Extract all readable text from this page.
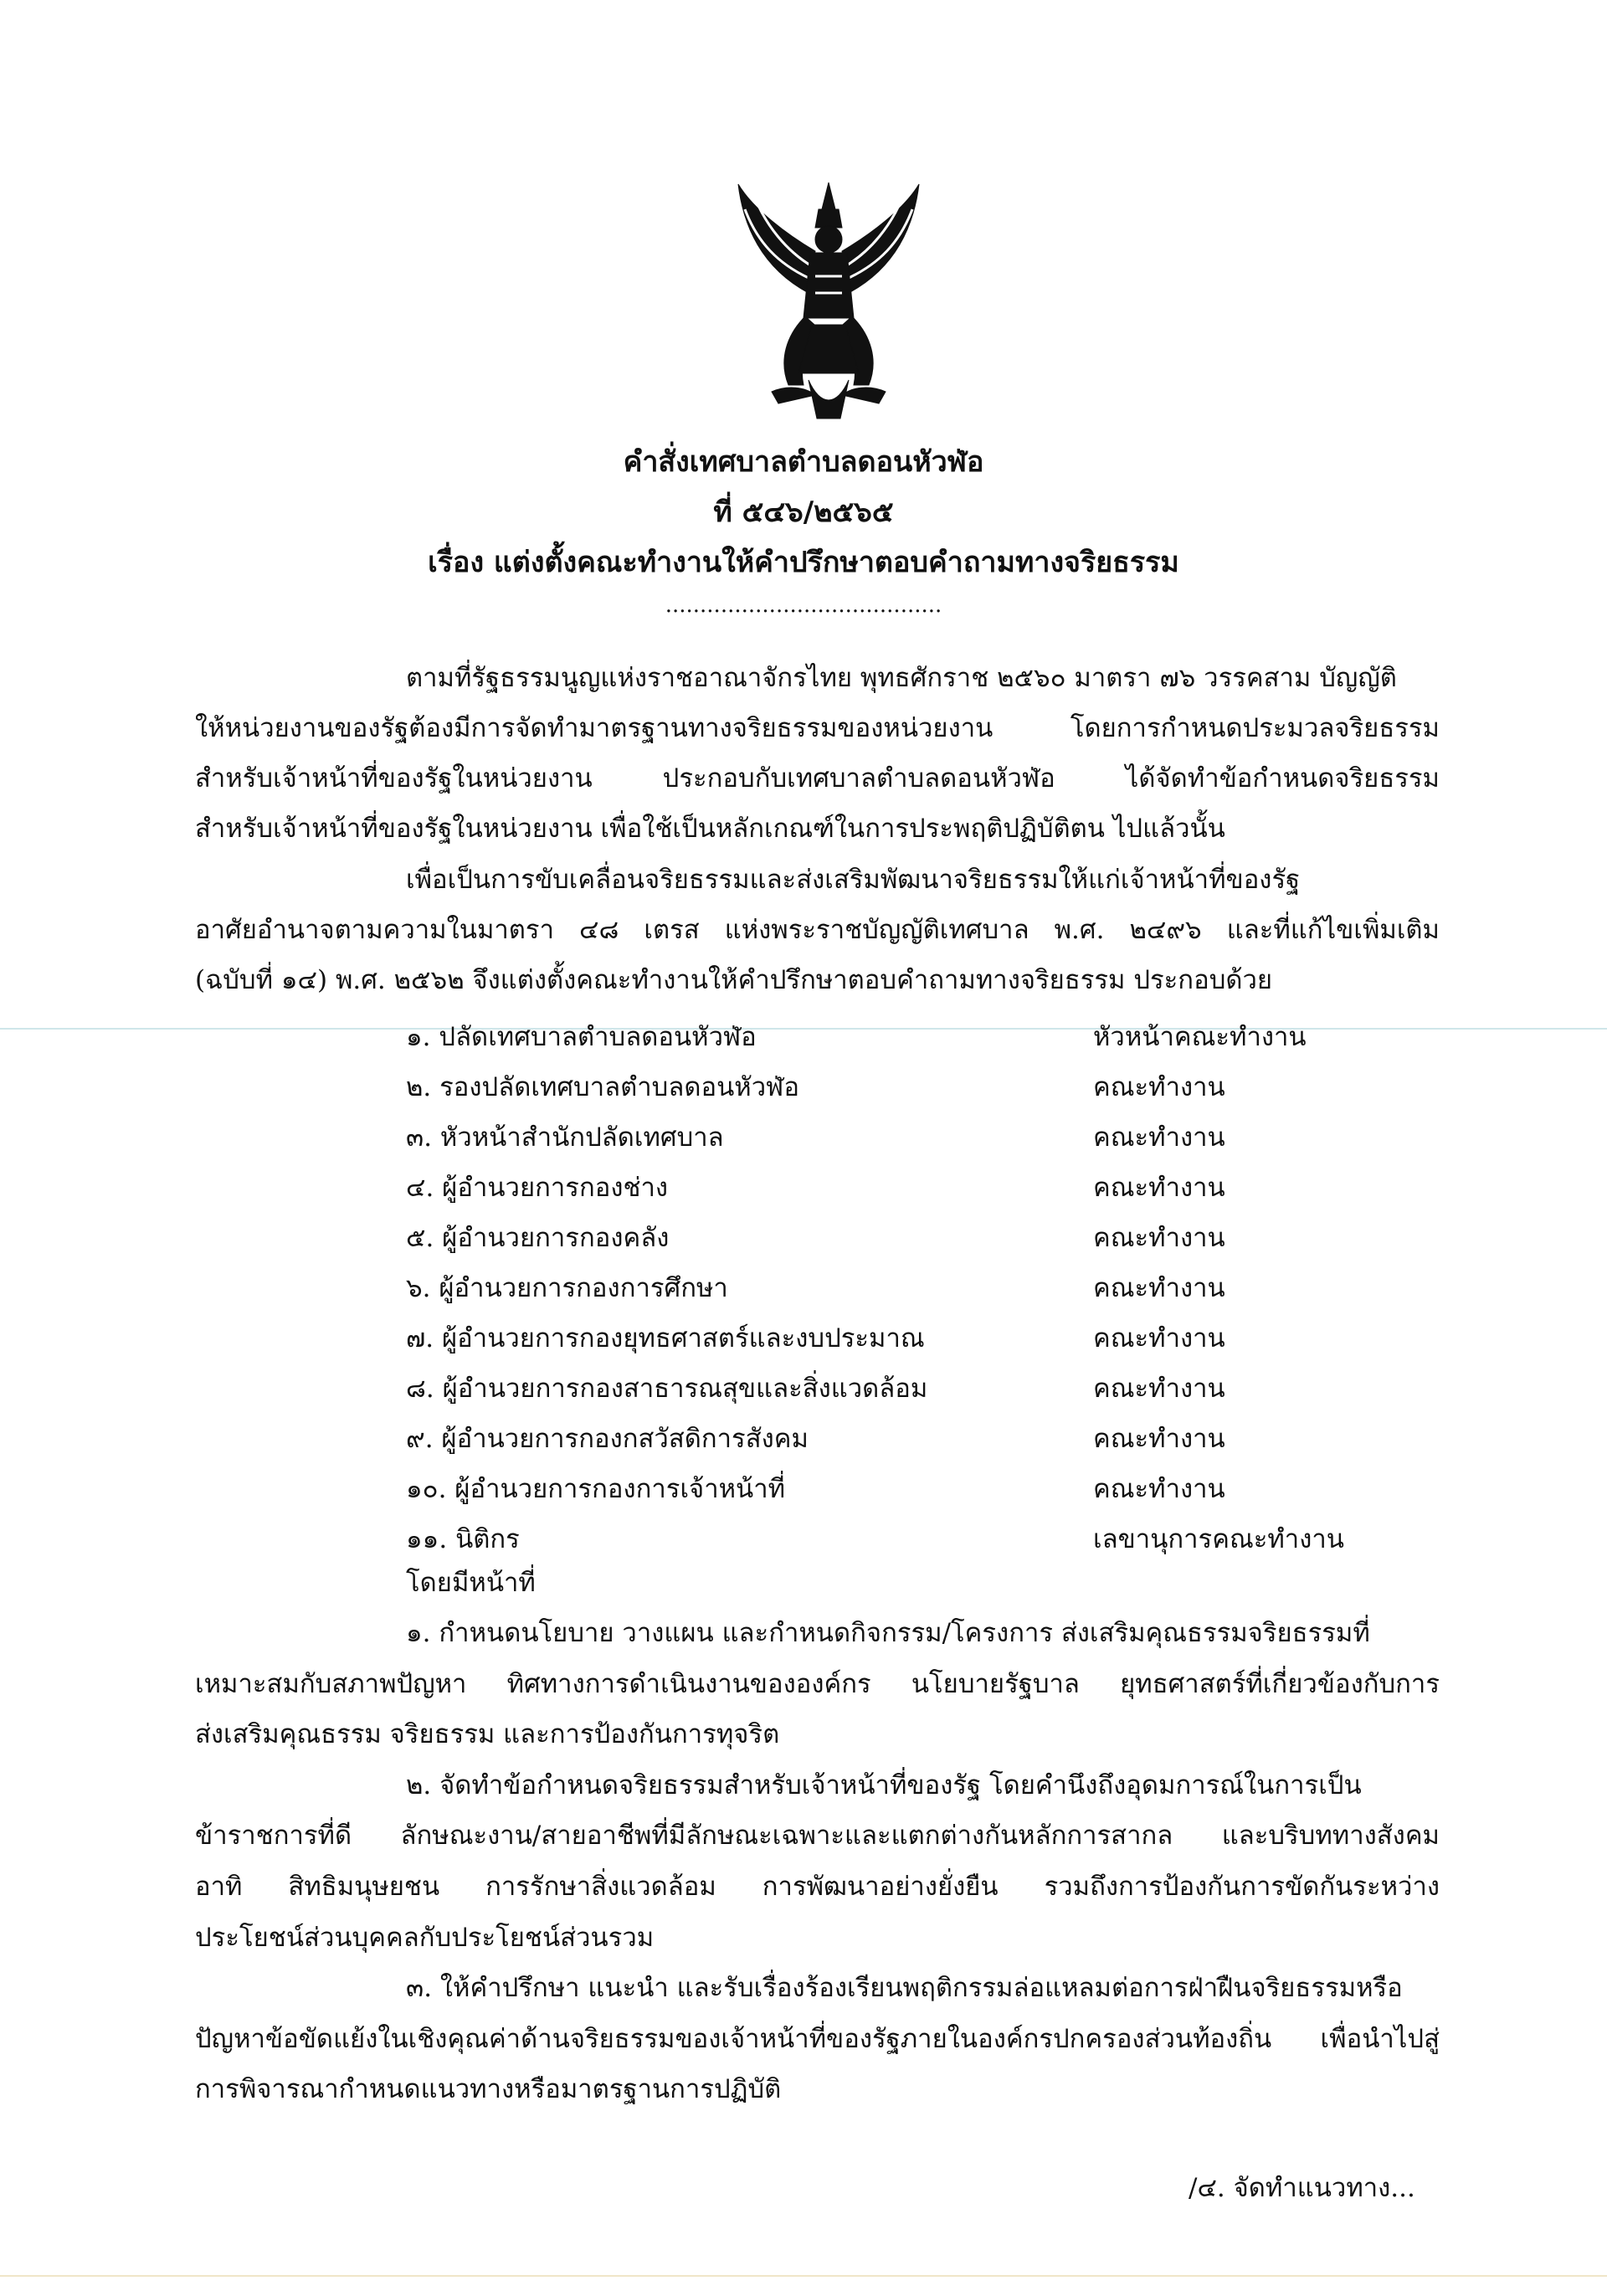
คำสั่งเทศบาลตำบลดอนหัวฬ่อ
ที่ ๕๔๖/๒๕๖๕
เรื่อง แต่งตั้งคณะทำงานให้คำปรึกษาตอบคำถามทางจริยธรรม
........................................
ตามที่รัฐธรรมนูญแห่งราชอาณาจักรไทย พุทธศักราช ๒๕๖๐ มาตรา ๗๖ วรรคสาม บัญญัติ
ให้หน่วยงานของรัฐต้องมีการจัดทำมาตรฐานทางจริยธรรมของหน่วยงาน โดยการกำหนดประมวลจริยธรรม
สำหรับเจ้าหน้าที่ของรัฐในหน่วยงาน ประกอบกับเทศบาลตำบลดอนหัวฬ่อ ได้จัดทำข้อกำหนดจริยธรรม
สำหรับเจ้าหน้าที่ของรัฐในหน่วยงาน เพื่อใช้เป็นหลักเกณฑ์ในการประพฤติปฏิบัติตน ไปแล้วนั้น
เพื่อเป็นการขับเคลื่อนจริยธรรมและส่งเสริมพัฒนาจริยธรรมให้แก่เจ้าหน้าที่ของรัฐ
อาศัยอำนาจตามความในมาตรา ๔๘ เตรส แห่งพระราชบัญญัติเทศบาล พ.ศ. ๒๔๙๖ และที่แก้ไขเพิ่มเติม
(ฉบับที่ ๑๔) พ.ศ. ๒๕๖๒ จึงแต่งตั้งคณะทำงานให้คำปรึกษาตอบคำถามทางจริยธรรม ประกอบด้วย
๑. ปลัดเทศบาลตำบลดอนหัวฬ่อ	หัวหน้าคณะทำงาน
๒. รองปลัดเทศบาลตำบลดอนหัวฬ่อ	คณะทำงาน
๓. หัวหน้าสำนักปลัดเทศบาล	คณะทำงาน
๔. ผู้อำนวยการกองช่าง	คณะทำงาน
๕. ผู้อำนวยการกองคลัง	คณะทำงาน
๖. ผู้อำนวยการกองการศึกษา	คณะทำงาน
๗. ผู้อำนวยการกองยุทธศาสตร์และงบประมาณ	คณะทำงาน
๘. ผู้อำนวยการกองสาธารณสุขและสิ่งแวดล้อม	คณะทำงาน
๙. ผู้อำนวยการกองกสวัสดิการสังคม	คณะทำงาน
๑๐. ผู้อำนวยการกองการเจ้าหน้าที่	คณะทำงาน
๑๑. นิติกร	เลขานุการคณะทำงาน
โดยมีหน้าที่
๑. กำหนดนโยบาย วางแผน และกำหนดกิจกรรม/โครงการ ส่งเสริมคุณธรรมจริยธรรมที่
เหมาะสมกับสภาพปัญหา ทิศทางการดำเนินงานขององค์กร นโยบายรัฐบาล ยุทธศาสตร์ที่เกี่ยวข้องกับการ
ส่งเสริมคุณธรรม จริยธรรม และการป้องกันการทุจริต
๒. จัดทำข้อกำหนดจริยธรรมสำหรับเจ้าหน้าที่ของรัฐ โดยคำนึงถึงอุดมการณ์ในการเป็น
ข้าราชการที่ดี ลักษณะงาน/สายอาชีพที่มีลักษณะเฉพาะและแตกต่างกันหลักการสากล และบริบททางสังคม
อาทิ สิทธิมนุษยชน การรักษาสิ่งแวดล้อม การพัฒนาอย่างยั่งยืน รวมถึงการป้องกันการขัดกันระหว่าง
ประโยชน์ส่วนบุคคลกับประโยชน์ส่วนรวม
๓. ให้คำปรึกษา แนะนำ และรับเรื่องร้องเรียนพฤติกรรมล่อแหลมต่อการฝ่าฝืนจริยธรรมหรือ
ปัญหาข้อขัดแย้งในเชิงคุณค่าด้านจริยธรรมของเจ้าหน้าที่ของรัฐภายในองค์กรปกครองส่วนท้องถิ่น เพื่อนำไปสู่
การพิจารณากำหนดแนวทางหรือมาตรฐานการปฏิบัติ
/๔. จัดทำแนวทาง...
